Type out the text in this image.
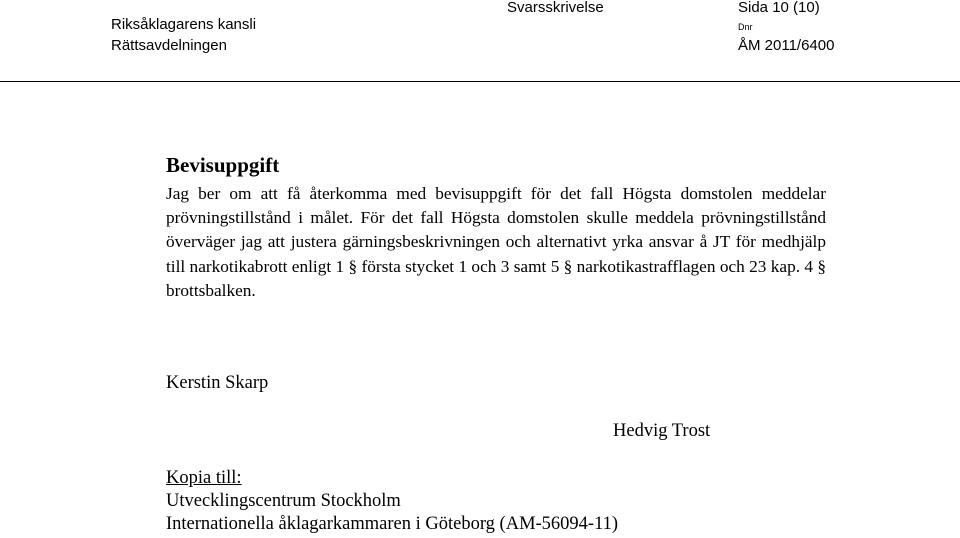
Riksåklagarens kansli
Rättsavdelningen
Svarsskrivelse	Sida 10 (10)
Dnr
ÅM 2011/6400
Bevisuppgift
Jag ber om att få återkomma med bevisuppgift för det fall Högsta domstolen meddelar prövningstillstånd i målet. För det fall Högsta domstolen skulle meddela prövningstillstånd överväger jag att justera gärningsbeskrivningen och alternativt yrka ansvar å JT för medhjälp till narkotikabrott enligt 1 § första stycket 1 och 3 samt 5 § narkotikastrafflagen och 23 kap. 4 § brottsbalken.
Kerstin Skarp
Hedvig Trost
Kopia till:
Utvecklingscentrum Stockholm
Internationella åklagarkammaren i Göteborg (AM-56094-11)
